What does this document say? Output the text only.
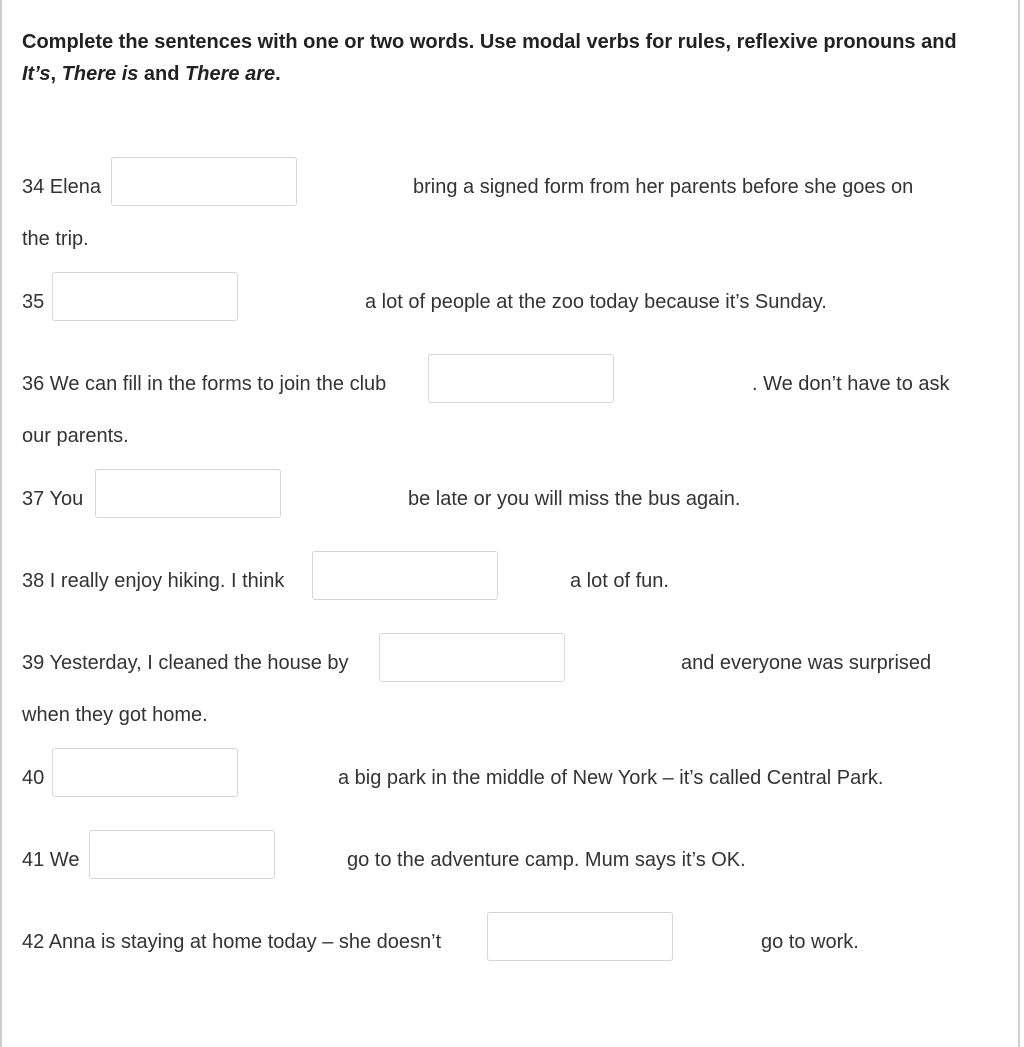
Complete the sentences with one or two words. Use modal verbs for rules, reflexive pronouns and
It’s, There is and There are.
34 Elena	bring a signed form from her parents before she goes on
the trip.
35	a lot of people at the zoo today because it’s Sunday.
36 We can fill in the forms to join the club	. We don’t have to ask
our parents.
37 You	be late or you will miss the bus again.
38 I really enjoy hiking. I think	a lot of fun.
39 Yesterday, I cleaned the house by	and everyone was surprised
when they got home.
40	a big park in the middle of New York – it’s called Central Park.
41 We	go to the adventure camp. Mum says it’s OK.
42 Anna is staying at home today – she doesn’t	go to work.
